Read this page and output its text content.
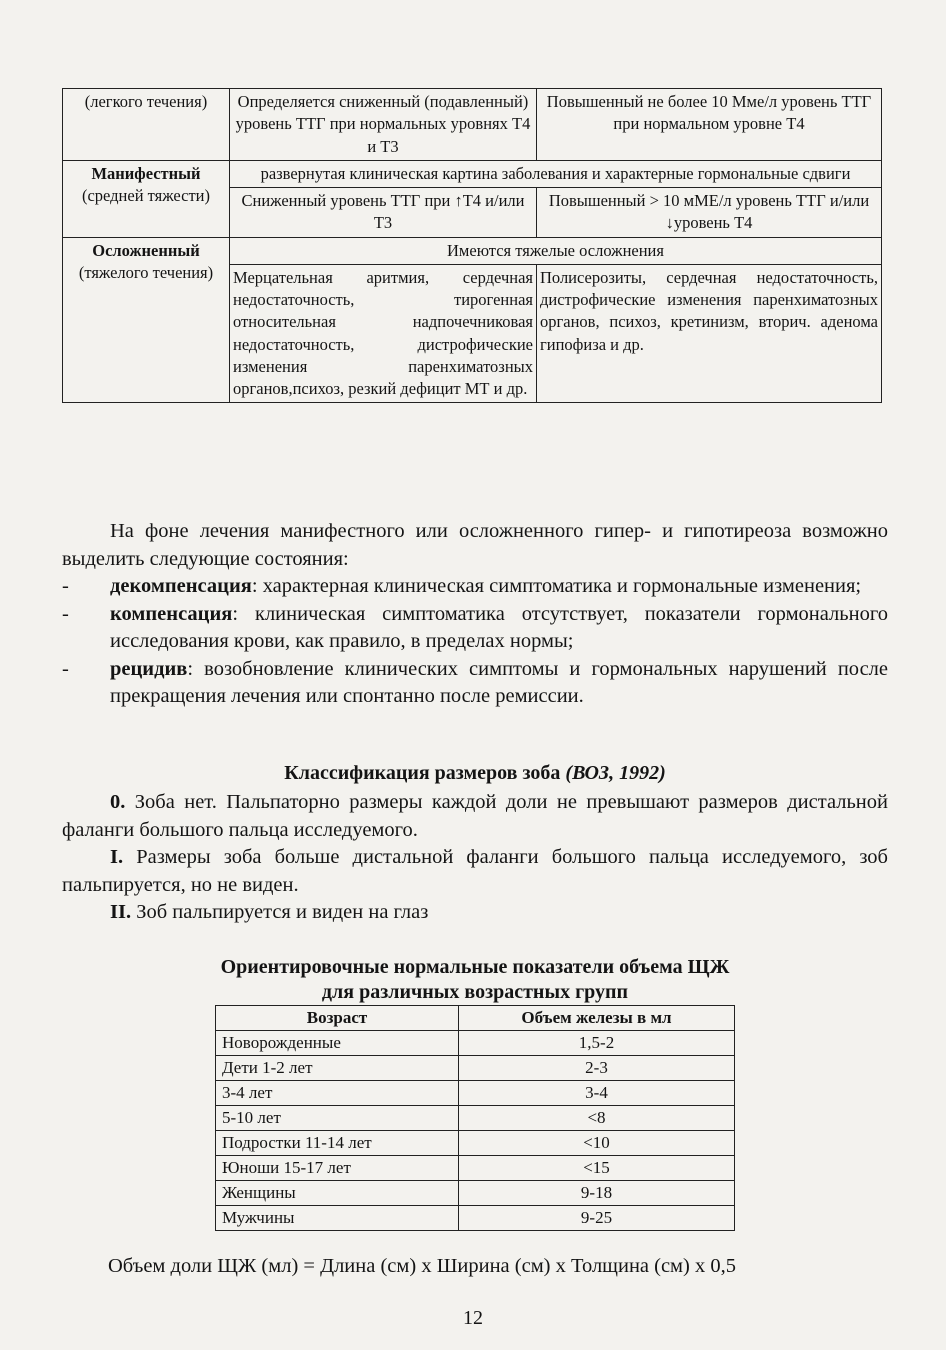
(легкого течения)	Определяется сниженный (подавленный) уровень ТТГ при нормальных уровнях Т4 и Т3	Повышенный не более 10 Мме/л уровень ТТГ при нормальном уровне Т4

Манифестный
(средней тяжести)	развернутая клиническая картина заболевания и характерные гормональные сдвиги	
	Сниженный уровень ТТГ при ↑Т4 и/или Т3	Повышенный > 10 мМЕ/л уровень ТТГ и/или ↓уровень Т4

Осложненный
(тяжелого течения)	Имеются тяжелые осложнения	
	Мерцательная аритмия, сердечная недостаточность, тирогенная относительная надпочечниковая недостаточность, дистрофические изменения паренхиматозных органов,психоз, резкий дефицит МТ и др.	Полисерозиты, сердечная недостаточность, дистрофические изменения паренхиматозных органов, психоз, кретинизм, вторич. аденома гипофиза и др.
На фоне лечения манифестного или осложненного гипер- и гипотиреоза возможно выделить следующие состояния:
- декомпенсация: характерная клиническая симптоматика и гормональные изменения;
- компенсация: клиническая симптоматика отсутствует, показатели гормонального исследования крови, как правило, в пределах нормы;
- рецидив: возобновление клинических симптомы и гормональных нарушений после прекращения лечения или спонтанно после ремиссии.
Классификация размеров зоба (ВОЗ, 1992)
0. Зоба нет. Пальпаторно размеры каждой доли не превышают размеров дистальной фаланги большого пальца исследуемого.
I. Размеры зоба больше дистальной фаланги большого пальца исследуемого, зоб пальпируется, но не виден.
II. Зоб пальпируется и виден на глаз
Ориентировочные нормальные показатели объема ЩЖ
для различных возрастных групп
Возраст	Объем железы в мл
Новорожденные	1,5-2
Дети 1-2 лет	2-3
3-4 лет	3-4
5-10 лет	<8
Подростки 11-14 лет	<10
Юноши 15-17 лет	<15
Женщины	9-18
Мужчины	9-25
Объем доли ЩЖ (мл) = Длина (см) х Ширина (см) х Толщина (см) х 0,5
12
